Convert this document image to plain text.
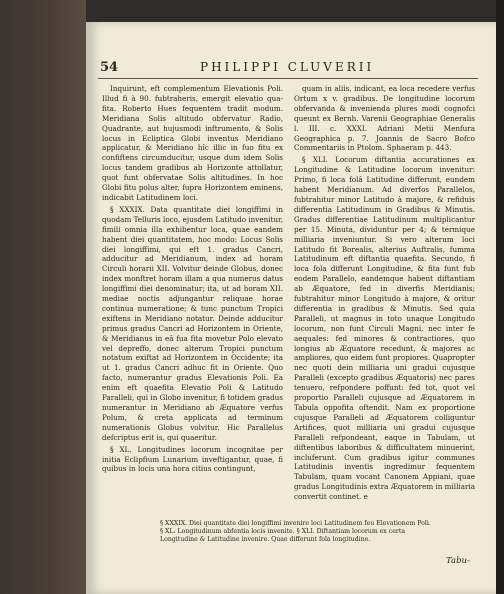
54	PHILIPPI CLUVERII

Inquirunt, eft complementum Elevationis Poli. Illud fi à 90. fubtraheris, emergit elevatio qua-fita. Roberto Hues fequentem tradit modum. Meridiana Solis altitudo obfervatur Radio, Quadrante, aut hujusmodi inftrumento, & Solis locus in Ecliptica Globi inventus Meridiano applicatur, & Meridiano hîc illic in fuo fitu ex confiftens circumducitur, usque dum idem Solis locus tandem gradibus ab Horizonte attollatur, quot funt obfervatae Solis altitudines. In hoc Globi fitu polus alter, fupra Horizontem eminens, indicabit Latitudinem loci.

§ XXXIX. Data quantitate diei longiffimi in quodam Telluris loco, ejusdem Latitudo invenitur, fimili omnia illa exhibentur loca, quae eandem habent diei quantitatem, hoc modo: Locus Solis diei longiffimi, qui eft 1. gradus Cancri, adducitur ad Meridianum, index ad horam Circuli horarii XII. Volvitur deinde Globus, donec index monftret horam illam a qua numerus datus longiffimi diei denominatur; ita, ut ad horam XII. mediae noctis adjungantur reliquae horae continua numeratione; & tunc punctum Tropici exiftens in Meridiano notatur. Deinde adducitur primus gradus Cancri ad Horizontem in Oriente, & Meridianus in eâ fua fita movetur Polo elevato vel depreffo, donec alterum Tropici punctum notatum exiftat ad Horizontem in Occidente; ita ut 1. gradus Cancri adhuc fit in Oriente. Quo facto, numerantur gradus Elevationis Poli. Ea enim eft quaefita Elevatio Poli & Latitudo Paralleli, qui in Globo invenitur, fi totidem gradus numerantur in Meridiano ab Æquatore verfus Polum, & creta applicata ad terminum numerationis Globus volvitur. Hic Parallelus defcriptus erit is, qui quaeritur.

§ XL. Longitudines locorum incognitae per initia Eclipfium Lunarium inveftigantur, quae, fi quibus in locis una hora citius contingunt,

quam in aliis, indicant, ea loca recedere verfus Ortum x v. gradibus. De longitudine locorum obfervanda & invenienda plures modi cognofci queunt ex Bernh. Varenii Geographiae Generalis l. III. c. XXXI. Adriani Metii Menfura Geographica p. 7. Joannis de Sacro Bofco Commentariis in Ptolom. Sphaeram p. 443.

§ XLI. Locorum diftantia accurationes ex Longitudine & Latitudine locorum invenitur: Primo, fi loca folâ Latitudine differunt, eundem habent Meridianum. Ad diverfos Parallelos, fubtrahitur minor Latitudo à majore, & refiduis differentia Latitudinum in Gradibus & Minutis. Gradus differentiae Latitudinum multiplicantur per 15. Minuta, dividuntur per 4; & termique milliaria inveniuntur. Si vero alterum loci Latitudo fit Borealis, alterius Auftralis, fumma Latitudinum eft diftantia quaefita. Secundo, fi loca fola differunt Longitudine, & fita funt fub eodem Parallelo, eandemque habent diftantiam ab Æquatore, fed in diverfis Meridianis; fubtrahitur minor Longitudo à majore, & oritur differentia in gradibus & Minutis. Sed quia Paralleli, ut magnus in toto unaque Longitudo locorum, non funt Circuli Magni, nec inter fe aequales: fed minores & contractiores, quo longius ab Æquatore recedunt, & majores ac ampliores, quo eidem funt propiores. Quapropter nec quoti dein milliaria uni gradui cujusque Paralleli (excepto gradibus Æquatoris) nec pares tenuero, refpondere poffunt: fed tot, quot vel proportio Paralleli cujusque ad Æquatorem in Tabula oppofita oftendit. Nam ex proportione cujusque Paralleli ad Æquatorem colliguntur Artifices, quot milliaria uni gradui cujusque Paralleli refpondeant, eaque in Tabulam, ut diftentibus laboribus & difficultatem minuerint, incluferunt. Cum gradibus igitur communes Latitudinis inventis ingredimur fequentem Tabulam, quam vocant Canonem Appiani, quae gradus Longitudinis extra Æquatorem in milliaria convertit continet. e

§ XXXIX. Diei quantitate diei longiffimi invenire loci Latitudinem feu Elevationem Poli.
§ XL. Longitudinum abfentia locis invenite. § XLI. Diftantiam locorum ex certa
Longitudine & Latitudine invenire. Quae differunt fola longitudine.
Tabu-
